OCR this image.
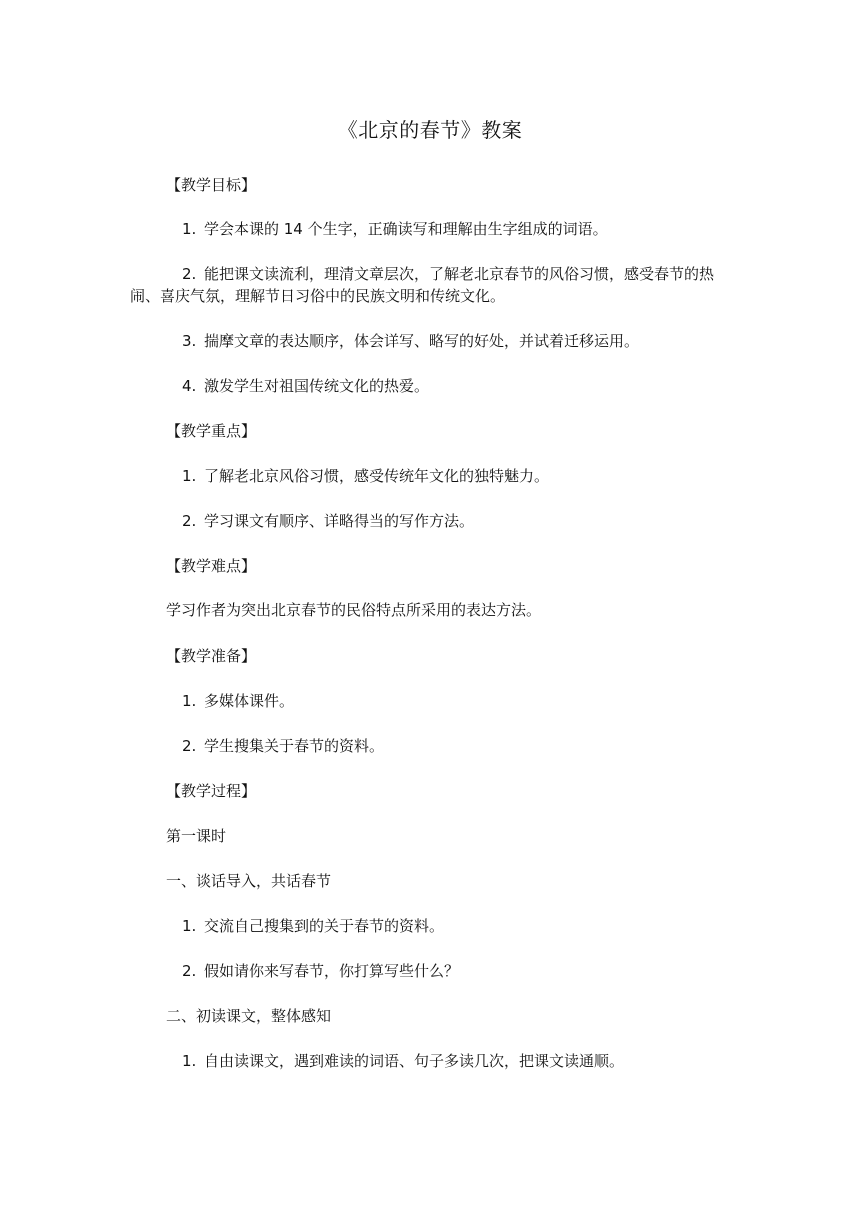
《北京的春节》教案
【教学目标】
1. 学会本课的 14 个生字，正确读写和理解由生字组成的词语。
2. 能把课文读流利，理清文章层次，了解老北京春节的风俗习惯，感受春节的热闹、喜庆气氛，理解节日习俗中的民族文明和传统文化。
3. 揣摩文章的表达顺序，体会详写、略写的好处，并试着迁移运用。
4. 激发学生对祖国传统文化的热爱。
【教学重点】
1. 了解老北京风俗习惯，感受传统年文化的独特魅力。
2. 学习课文有顺序、详略得当的写作方法。
【教学难点】
学习作者为突出北京春节的民俗特点所采用的表达方法。
【教学准备】
1. 多媒体课件。
2. 学生搜集关于春节的资料。
【教学过程】
第一课时
一、谈话导入，共话春节
1. 交流自己搜集到的关于春节的资料。
2. 假如请你来写春节，你打算写些什么？
二、初读课文，整体感知
1. 自由读课文，遇到难读的词语、句子多读几次，把课文读通顺。
